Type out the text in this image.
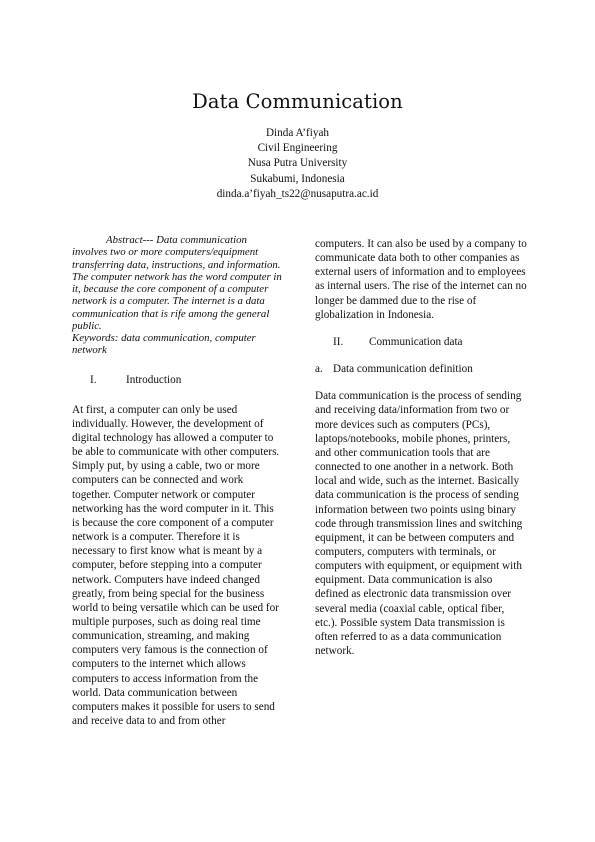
Data Communication
Dinda A’fiyah
Civil Engineering
Nusa Putra University
Sukabumi, Indonesia
dinda.a’fiyah_ts22@nusaputra.ac.id

Abstract--- Data communication involves two or more computers/equipment transferring data, instructions, and information. The computer network has the word computer in it, because the core component of a computer network is a computer. The internet is a data communication that is rife among the general public.

Keywords: data communication, computer network

I.	Introduction

At first, a computer can only be used individually. However, the development of digital technology has allowed a computer to be able to communicate with other computers. Simply put, by using a cable, two or more computers can be connected and work together. Computer network or computer networking has the word computer in it. This is because the core component of a computer network is a computer. Therefore it is necessary to first know what is meant by a computer, before stepping into a computer network. Computers have indeed changed greatly, from being special for the business world to being versatile which can be used for multiple purposes, such as doing real time communication, streaming, and making computers very famous is the connection of computers to the internet which allows computers to access information from the world. Data communication between computers makes it possible for users to send and receive data to and from other

computers. It can also be used by a company to communicate data both to other companies as external users of information and to employees as internal users. The rise of the internet can no longer be dammed due to the rise of globalization in Indonesia.

II. Communication data

a. Data communication definition

Data communication is the process of sending and receiving data/information from two or more devices such as computers (PCs), laptops/notebooks, mobile phones, printers, and other communication tools that are connected to one another in a network. Both local and wide, such as the internet. Basically data communication is the process of sending information between two points using binary code through transmission lines and switching equipment, it can be between computers and computers, computers with terminals, or computers with equipment, or equipment with equipment. Data communication is also defined as electronic data transmission over several media (coaxial cable, optical fiber, etc.). Possible system Data transmission is often referred to as a data communication network.
